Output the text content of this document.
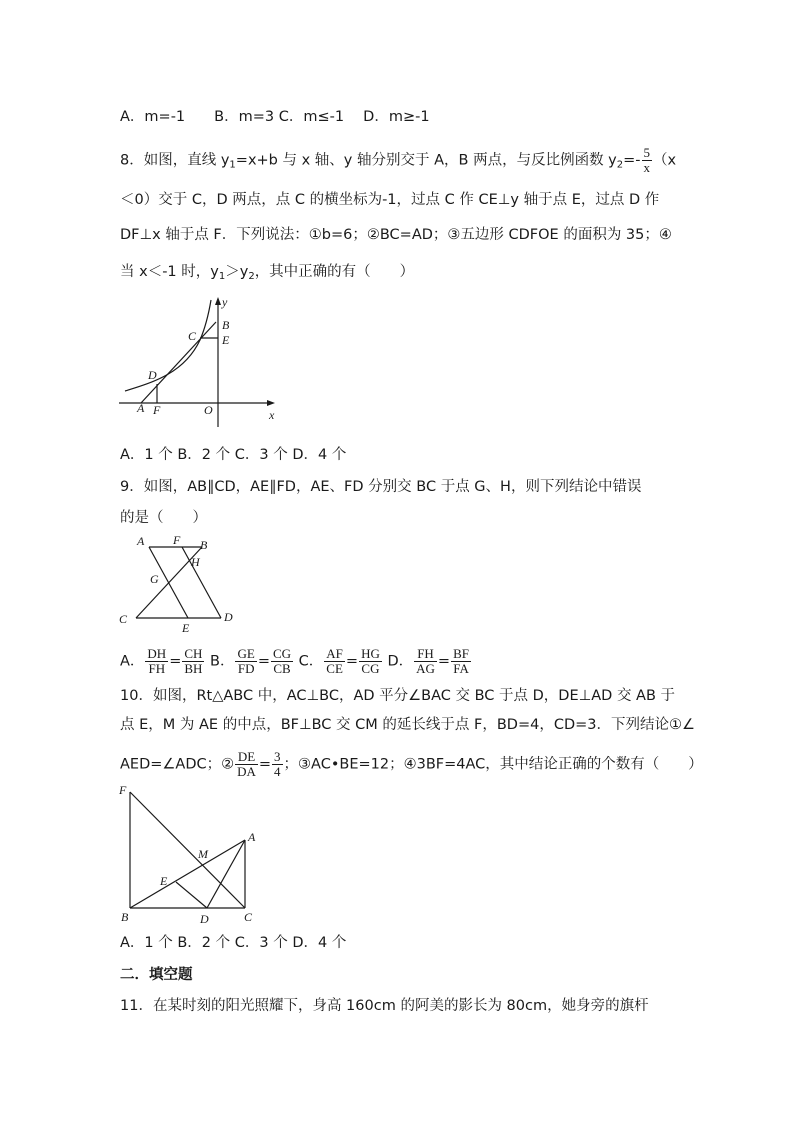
A．m=-1　　B．m=3 C．m≤-1　 D．m≥-1
8．如图，直线 $y_1=x+b$ 与 x 轴、y 轴分别交于 A，B 两点，与反比例函数 $y_2=- \frac{5}{x} (x$
＜0）交于 C，D 两点，点 C 的横坐标为-1，过点 C 作 CE⊥y 轴于点 E，过点 D 作
DF⊥x 轴于点 F．下列说法：①b=6；②BC=AD；③五边形 CDFOE 的面积为 35；④
当 x＜-1 时，$y_1>y_2$，其中正确的有（　　）
y
x
B
C E
D
A F	O
A．1 个 B．2 个 C．3 个 D．4 个
9．如图，AB∥CD，AE∥FD，AE、FD 分别交 BC 于点 G、H，则下列结论中错误
的是（　　）
A F B
H
G
C
E
D
A． $\frac{DH}{FH} = \frac{CH}{BH}$ B． $\frac{GE}{FD} = \frac{CG}{CB}$ C． $\frac{AF}{CE} = \frac{HG}{CG}$ D． $\frac{FH}{AG} = \frac{BF}{FA}$
10．如图，Rt△ABC 中，AC⊥BC，AD 平分∠BAC 交 BC 于点 D，DE⊥AD 交 AB 于
点 E，M 为 AE 的中点，BF⊥BC 交 CM 的延长线于点 F，BD=4，CD=3．下列结论①∠
AED=∠ADC；② $\frac{DE}{DA} = \frac{3}{4}$ ；③AC•BE=12；④3BF=4AC，其中结论正确的个数有（　　）
F
A
M
E
B	D	C
A．1 个 B．2 个 C．3 个 D．4 个
二．填空题
11．在某时刻的阳光照耀下，身高 160cm 的阿美的影长为 80cm，她身旁的旗杆
